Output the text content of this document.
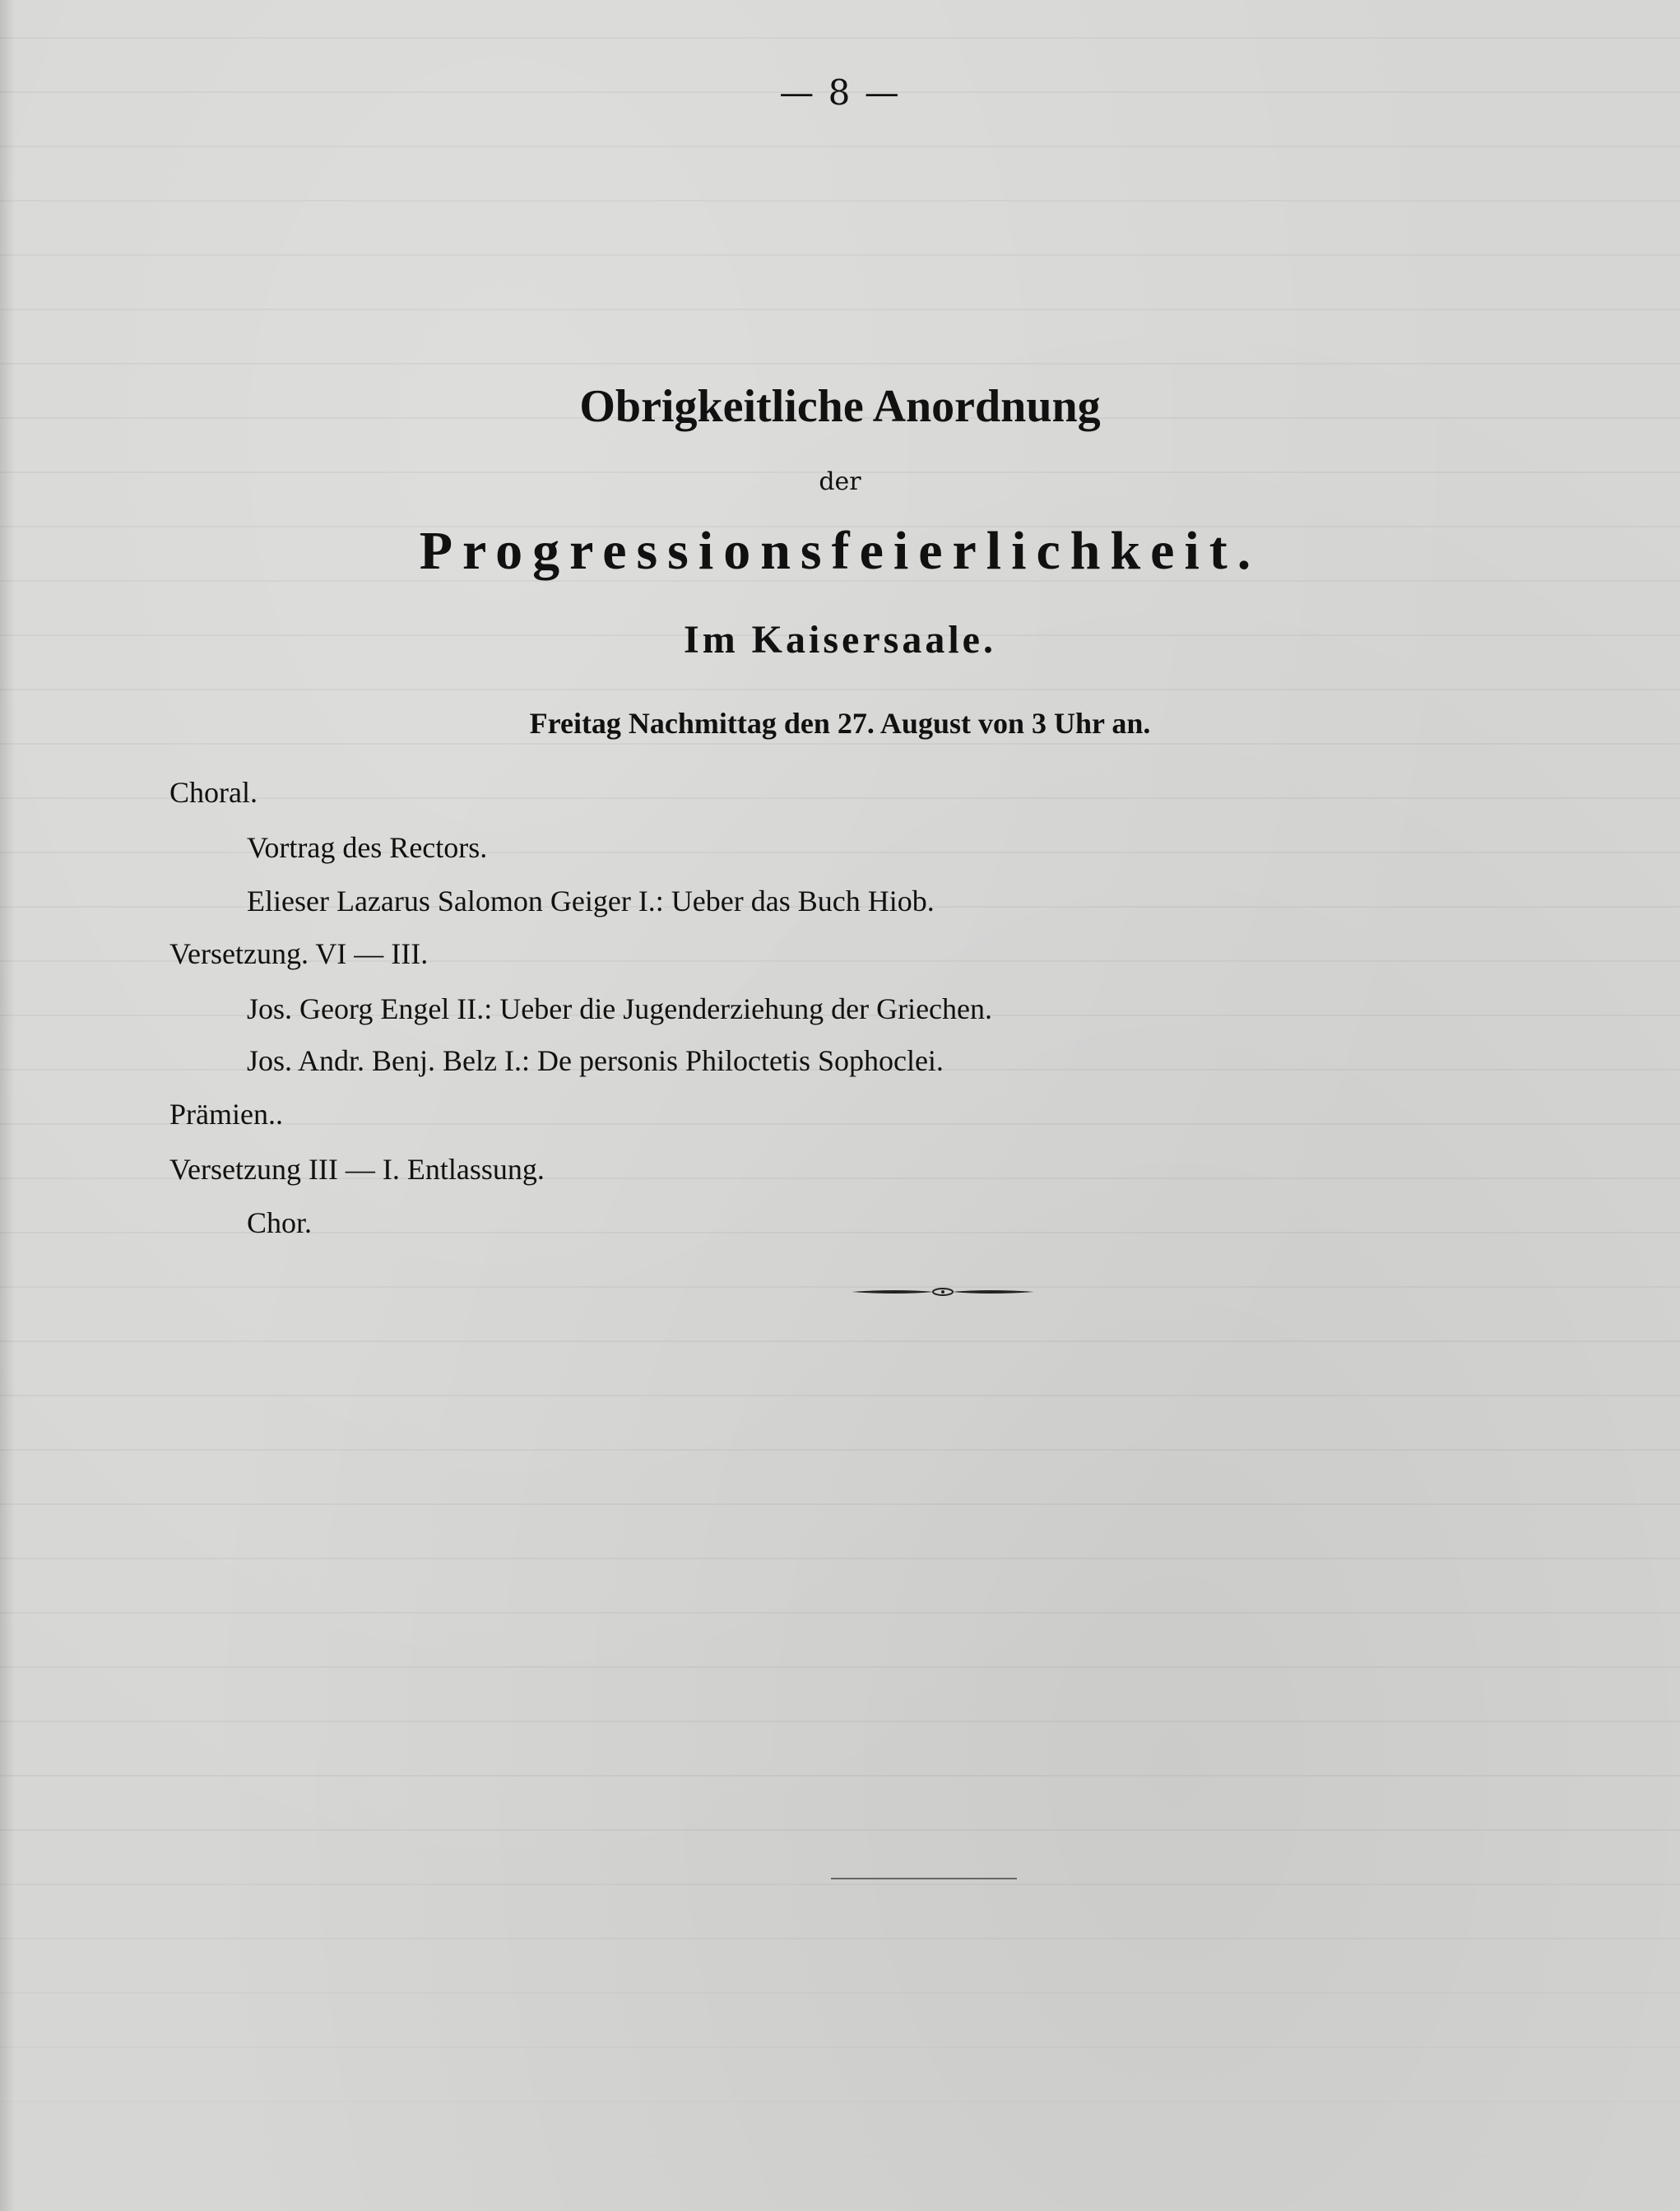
— 8 —
Obrigkeitliche Anordnung
der
Progressionsfeierlichkeit.
Im Kaisersaale.
Freitag Nachmittag den 27. August von 3 Uhr an.
Choral.
Vortrag des Rectors.
Elieser Lazarus Salomon Geiger I.: Ueber das Buch Hiob.
Versetzung. VI — III.
Jos. Georg Engel II.: Ueber die Jugenderziehung der Griechen.
Jos. Andr. Benj. Belz I.: De personis Philoctetis Sophoclei.
Prämien..
Versetzung III — I. Entlassung.
Chor.
